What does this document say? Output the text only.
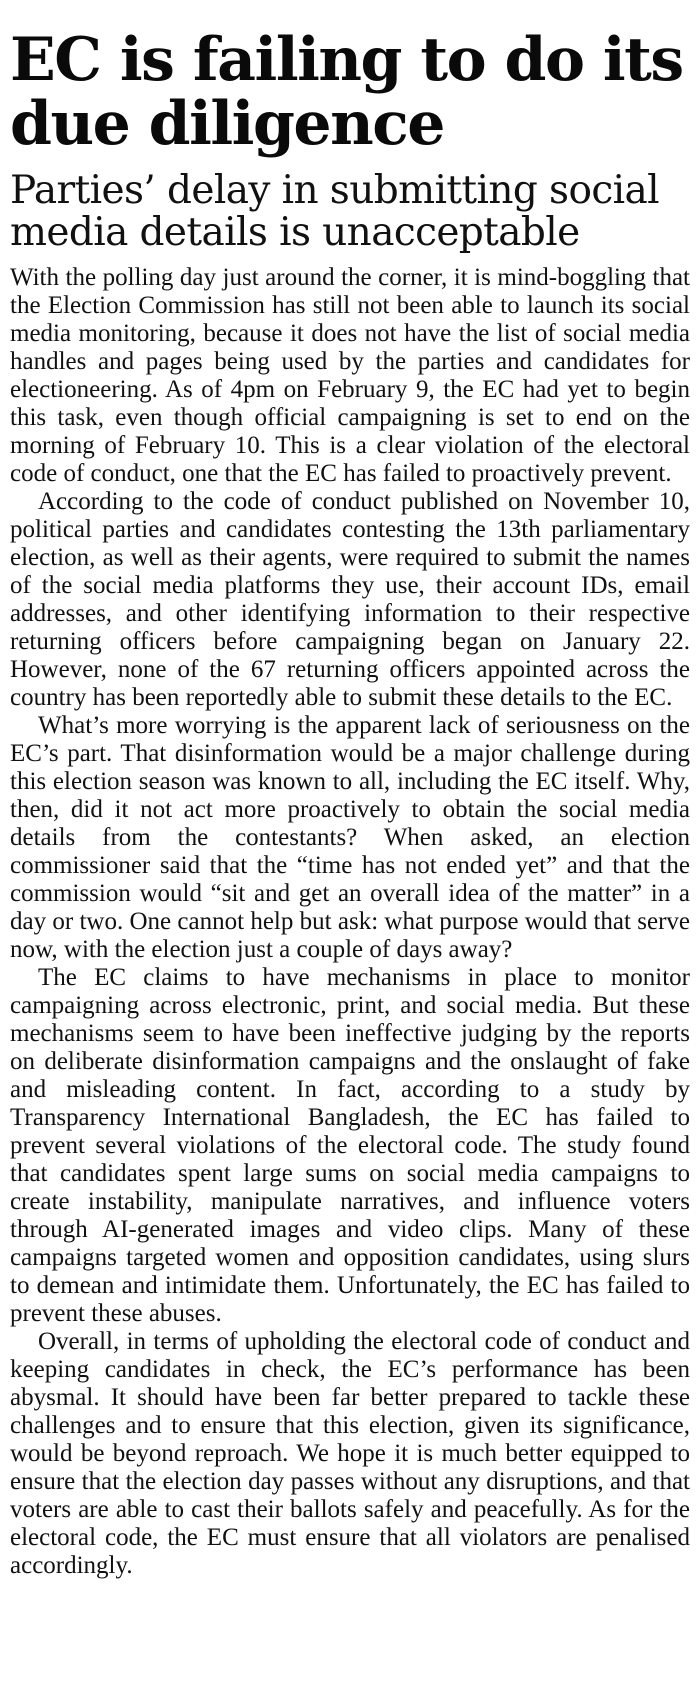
EC is failing to do its due diligence
Parties’ delay in submitting social media details is unacceptable

With the polling day just around the corner, it is mind-boggling that the Election Commission has still not been able to launch its social media monitoring, because it does not have the list of social media handles and pages being used by the parties and candidates for electioneering. As of 4pm on February 9, the EC had yet to begin this task, even though official campaigning is set to end on the morning of February 10. This is a clear violation of the electoral code of conduct, one that the EC has failed to proactively prevent.

According to the code of conduct published on November 10, political parties and candidates contesting the 13th parliamentary election, as well as their agents, were required to submit the names of the social media platforms they use, their account IDs, email addresses, and other identifying information to their respective returning officers before campaigning began on January 22. However, none of the 67 returning officers appointed across the country has been reportedly able to submit these details to the EC.

What’s more worrying is the apparent lack of seriousness on the EC’s part. That disinformation would be a major challenge during this election season was known to all, including the EC itself. Why, then, did it not act more proactively to obtain the social media details from the contestants? When asked, an election commissioner said that the “time has not ended yet” and that the commission would “sit and get an overall idea of the matter” in a day or two. One cannot help but ask: what purpose would that serve now, with the election just a couple of days away?

The EC claims to have mechanisms in place to monitor campaigning across electronic, print, and social media. But these mechanisms seem to have been ineffective judging by the reports on deliberate disinformation campaigns and the onslaught of fake and misleading content. In fact, according to a study by Transparency International Bangladesh, the EC has failed to prevent several violations of the electoral code. The study found that candidates spent large sums on social media campaigns to create instability, manipulate narratives, and influence voters through AI-generated images and video clips. Many of these campaigns targeted women and opposition candidates, using slurs to demean and intimidate them. Unfortunately, the EC has failed to prevent these abuses.

Overall, in terms of upholding the electoral code of conduct and keeping candidates in check, the EC’s performance has been abysmal. It should have been far better prepared to tackle these challenges and to ensure that this election, given its significance, would be beyond reproach. We hope it is much better equipped to ensure that the election day passes without any disruptions, and that voters are able to cast their ballots safely and peacefully. As for the electoral code, the EC must ensure that all violators are penalised accordingly.
